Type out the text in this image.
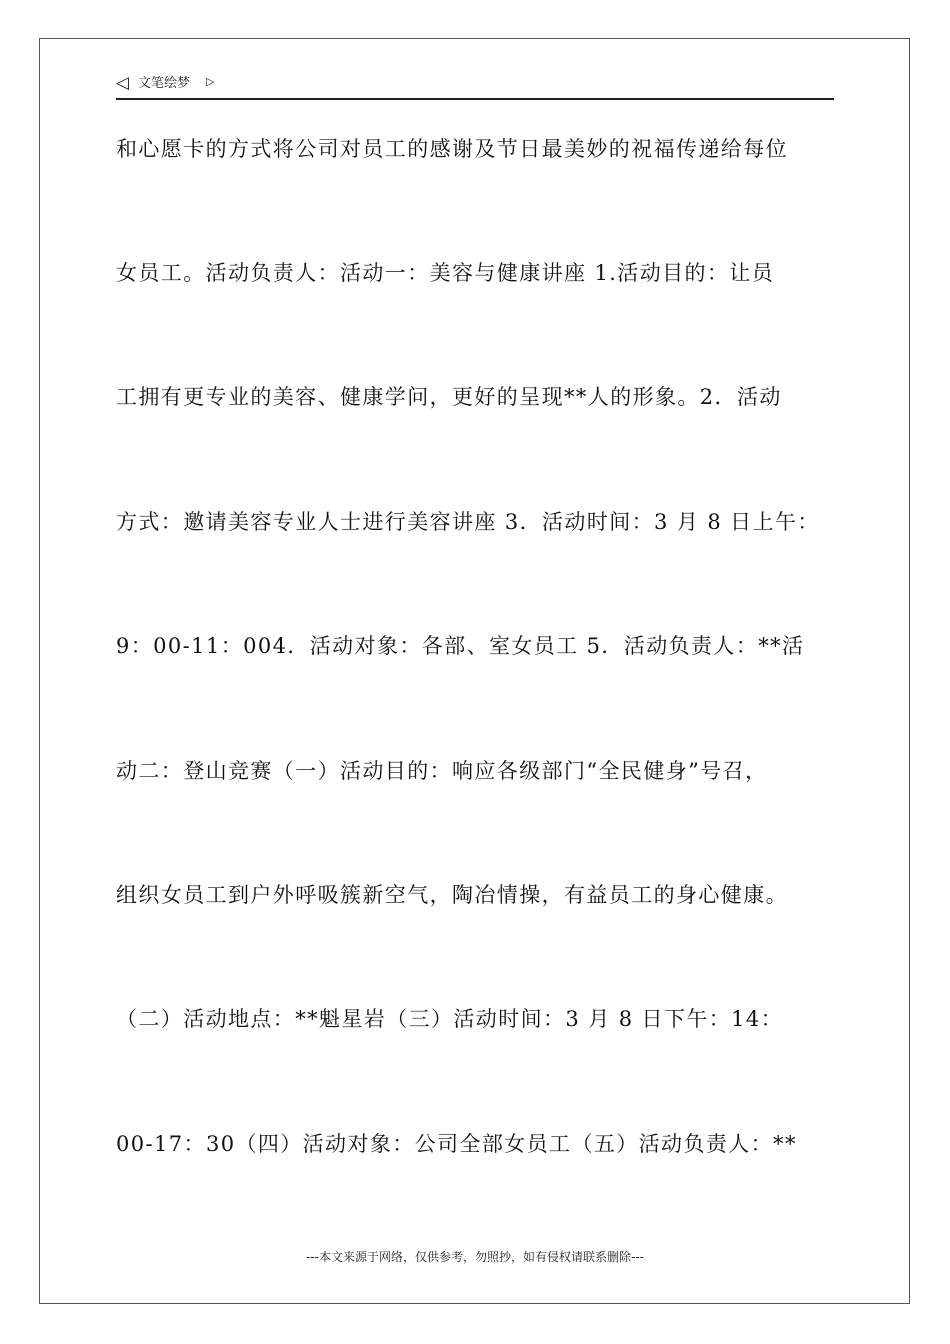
◁ 文笔绘梦 ▷
和心愿卡的方式将公司对员工的感谢及节日最美妙的祝福传递给每位
女员工。活动负责人：活动一：美容与健康讲座 1.活动目的：让员
工拥有更专业的美容、健康学问，更好的呈现**人的形象。2．活动
方式：邀请美容专业人士进行美容讲座 3．活动时间：3 月 8 日上午：
9：00-11：004．活动对象：各部、室女员工 5．活动负责人：**活
动二：登山竞赛（一）活动目的：响应各级部门“全民健身”号召，
组织女员工到户外呼吸簇新空气，陶冶情操，有益员工的身心健康。
（二）活动地点：**魁星岩（三）活动时间：3 月 8 日下午：14：
00-17：30（四）活动对象：公司全部女员工（五）活动负责人：**
---本文来源于网络，仅供参考，勿照抄，如有侵权请联系删除---
